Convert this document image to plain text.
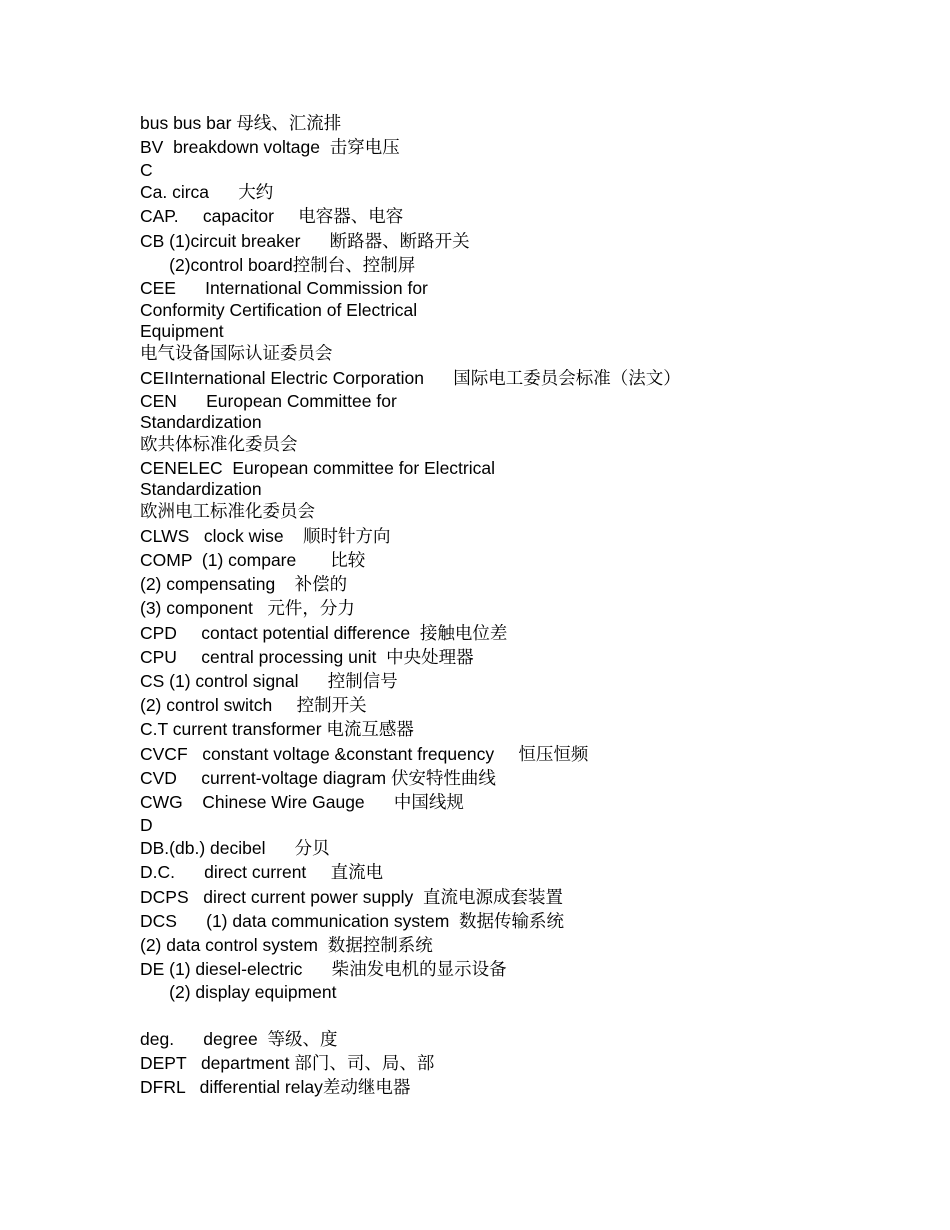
bus bus bar 母线、汇流排
BV  breakdown voltage  击穿电压
C
Ca. circa      大约
CAP.     capacitor     电容器、电容
CB (1)circuit breaker      断路器、断路开关
(2)control board控制台、控制屏
CEE      International Commission for
Conformity Certification of Electrical
Equipment
电气设备国际认证委员会
CEIInternational Electric Corporation      国际电工委员会标准（法文）
CEN      European Committee for
Standardization
欧共体标准化委员会
CENELEC  European committee for Electrical
Standardization
欧洲电工标准化委员会
CLWS   clock wise    顺时针方向
COMP  (1) compare       比较
(2) compensating    补偿的
(3) component   元件，分力
CPD     contact potential difference  接触电位差
CPU     central processing unit  中央处理器
CS (1) control signal      控制信号
(2) control switch     控制开关
C.T current transformer 电流互感器
CVCF   constant voltage &constant frequency     恒压恒频
CVD     current-voltage diagram 伏安特性曲线
CWG    Chinese Wire Gauge      中国线规
D
DB.(db.) decibel      分贝
D.C.      direct current     直流电
DCPS   direct current power supply  直流电源成套装置
DCS      (1) data communication system  数据传输系统
(2) data control system  数据控制系统
DE (1) diesel-electric      柴油发电机的显示设备
(2) display equipment
deg.      degree  等级、度
DEPT   department 部门、司、局、部
DFRL   differential relay差动继电器
